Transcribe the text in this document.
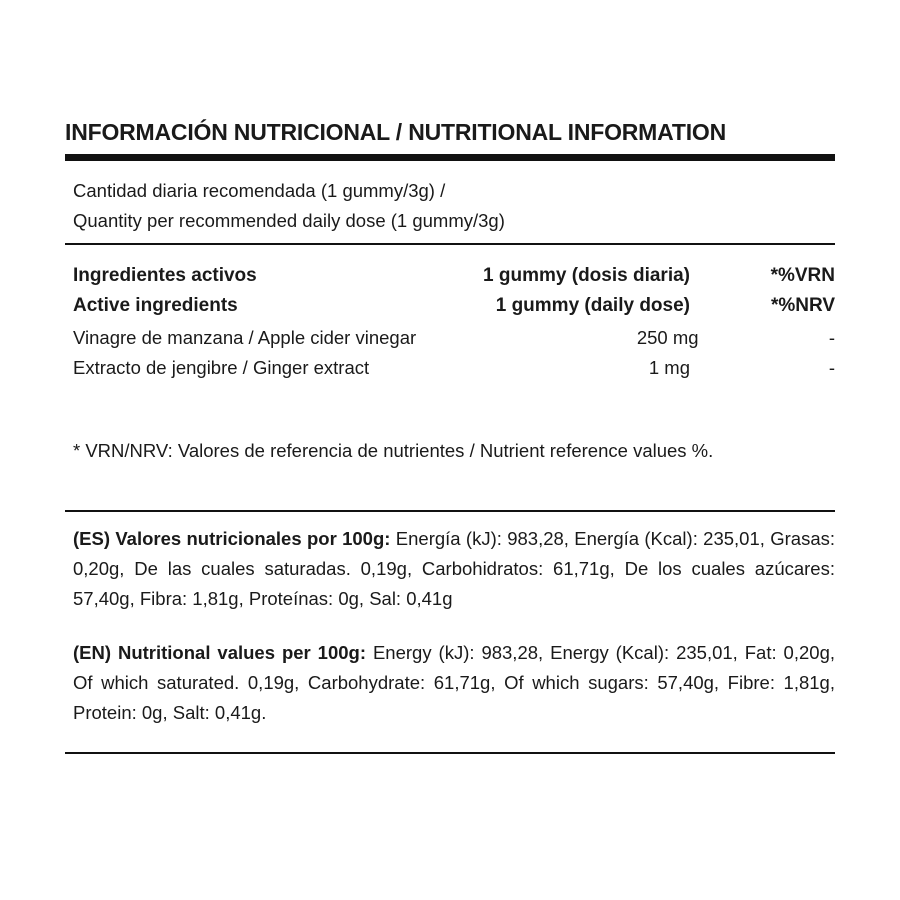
INFORMACIÓN NUTRICIONAL / NUTRITIONAL INFORMATION
Cantidad diaria recomendada (1 gummy/3g) /
Quantity per recommended daily dose (1 gummy/3g)
Ingredientes activos	1 gummy (dosis diaria)	*%VRN
Active ingredients	1 gummy (daily dose)	*%NRV
Vinagre de manzana / Apple cider vinegar	250 mg	-
Extracto de jengibre / Ginger extract	1 mg	-
* VRN/NRV: Valores de referencia de nutrientes / Nutrient reference values %.
(ES) Valores nutricionales por 100g: Energía (kJ): 983,28, Energía (Kcal): 235,01, Grasas: 0,20g, De las cuales saturadas. 0,19g, Carbohidratos: 61,71g, De los cuales azúcares: 57,40g, Fibra: 1,81g, Proteínas: 0g, Sal: 0,41g
(EN) Nutritional values per 100g: Energy (kJ): 983,28, Energy (Kcal): 235,01, Fat: 0,20g, Of which saturated. 0,19g, Carbohydrate: 61,71g, Of which sugars: 57,40g, Fibre: 1,81g, Protein: 0g, Salt: 0,41g.
